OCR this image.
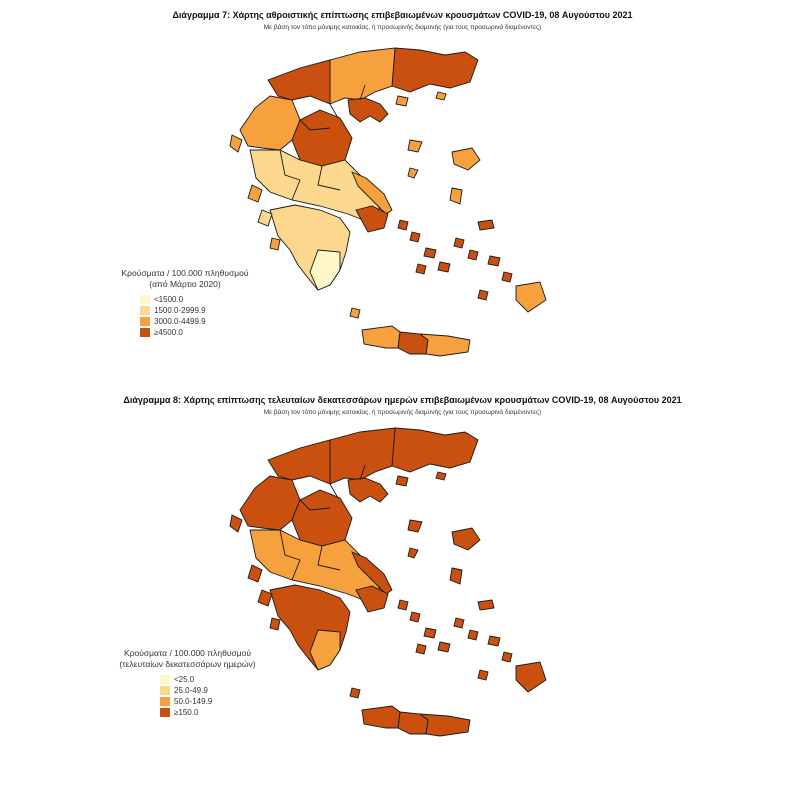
Διάγραμμα 7: Χάρτης αθροιστικής επίπτωσης επιβεβαιωμένων κρουσμάτων COVID-19, 08 Αυγούστου 2021
Με βάση τον τόπο μόνιμης κατοικίας, ή προσωρινής διαμονής (για τους προσωρινά διαμένοντες)
Κρούσματα / 100.000 πληθυσμού
(από Μάρτιο 2020)
<1500.0
1500.0-2999.9
3000.0-4499.9
≥4500.0
Διάγραμμα 8: Χάρτης επίπτωσης τελευταίων δεκατεσσάρων ημερών επιβεβαιωμένων κρουσμάτων COVID-19, 08 Αυγούστου 2021
Με βάση τον τόπο μόνιμης κατοικίας, ή προσωρινής διαμονής (για τους προσωρινά διαμένοντες)
Κρούσματα / 100.000 πληθυσμού
(τελευταίων δεκατεσσάρων ημερών)
<25.0
25.0-49.9
50.0-149.9
≥150.0
